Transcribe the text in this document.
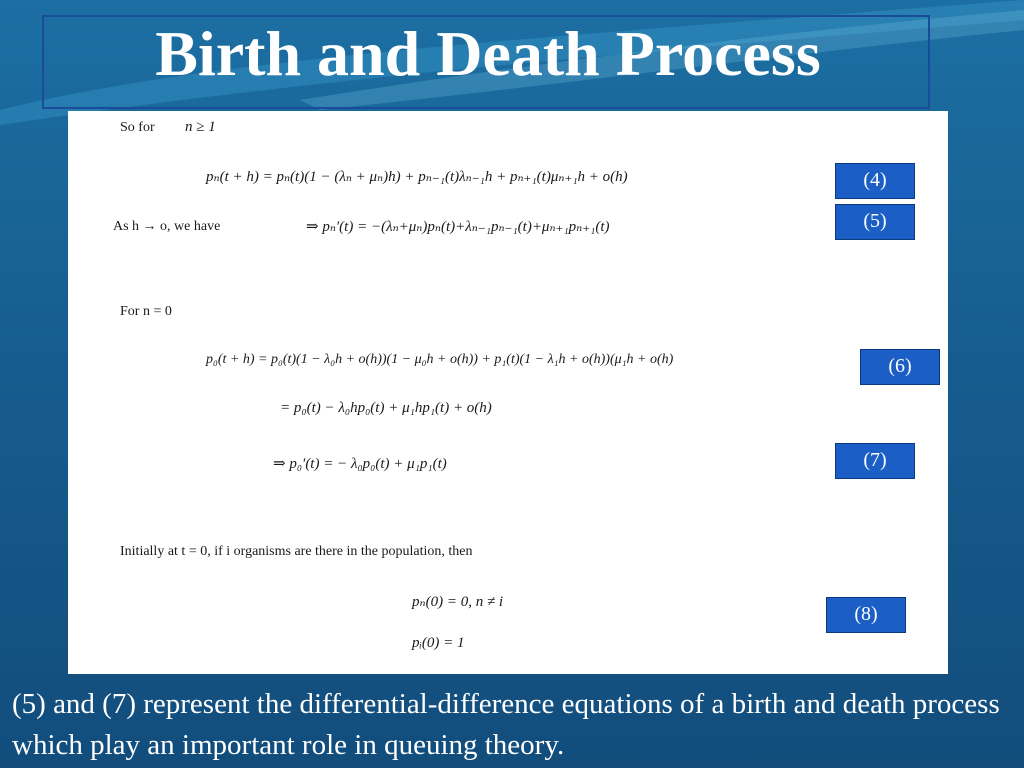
Birth and Death Process
So for n ≥ 1
pₙ(t + h) = pₙ(t)(1 − (λₙ + μₙ)h) + pₙ₋₁(t)λₙ₋₁h + pₙ₊₁(t)μₙ₊₁h + o(h)
As h → o, we have	⇒ pₙ′(t) = −(λₙ+μₙ)pₙ(t)+λₙ₋₁pₙ₋₁(t)+μₙ₊₁pₙ₊₁(t)
For n = 0
p₀(t + h) = p₀(t)(1 − λ₀h + o(h))(1 − μ₀h + o(h)) + p₁(t)(1 − λ₁h + o(h))(μ₁h + o(h)
= p₀(t) − λ₀hp₀(t) + μ₁hp₁(t) + o(h)
⇒ p₀′(t) = − λ₀p₀(t) + μ₁p₁(t)
Initially at t = 0, if i organisms are there in the population, then
pₙ(0) = 0, n ≠ i
pᵢ(0) = 1
(4)
(5)
(6)
(7)
(8)
(5) and (7) represent the differential-difference equations of a birth and death process which play an important role in queuing theory.
